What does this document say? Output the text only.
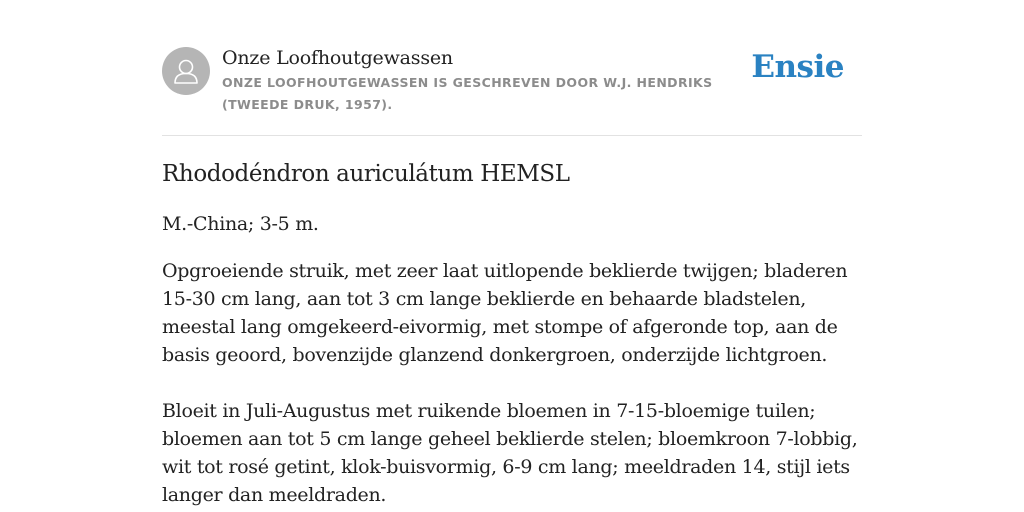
Onze Loofhoutgewassen
ONZE LOOFHOUTGEWASSEN IS GESCHREVEN DOOR W.J. HENDRIKS (TWEEDE DRUK, 1957).
Ensie
Rhododéndron auriculátum HEMSL

M.-China; 3-5 m.

Opgroeiende struik, met zeer laat uitlopende beklierde twijgen; bladeren 15-30 cm lang, aan tot 3 cm lange beklierde en behaarde bladstelen, meestal lang omgekeerd-eivormig, met stompe of afgeronde top, aan de basis geoord, bovenzijde glanzend donkergroen, onderzijde lichtgroen.

Bloeit in Juli-Augustus met ruikende bloemen in 7-15-bloemige tuilen; bloemen aan tot 5 cm lange geheel beklierde stelen; bloemkroon 7-lobbig, wit tot rosé getint, klok-buisvormig, 6-9 cm lang; meeldraden 14, stijl iets langer dan meeldraden.
